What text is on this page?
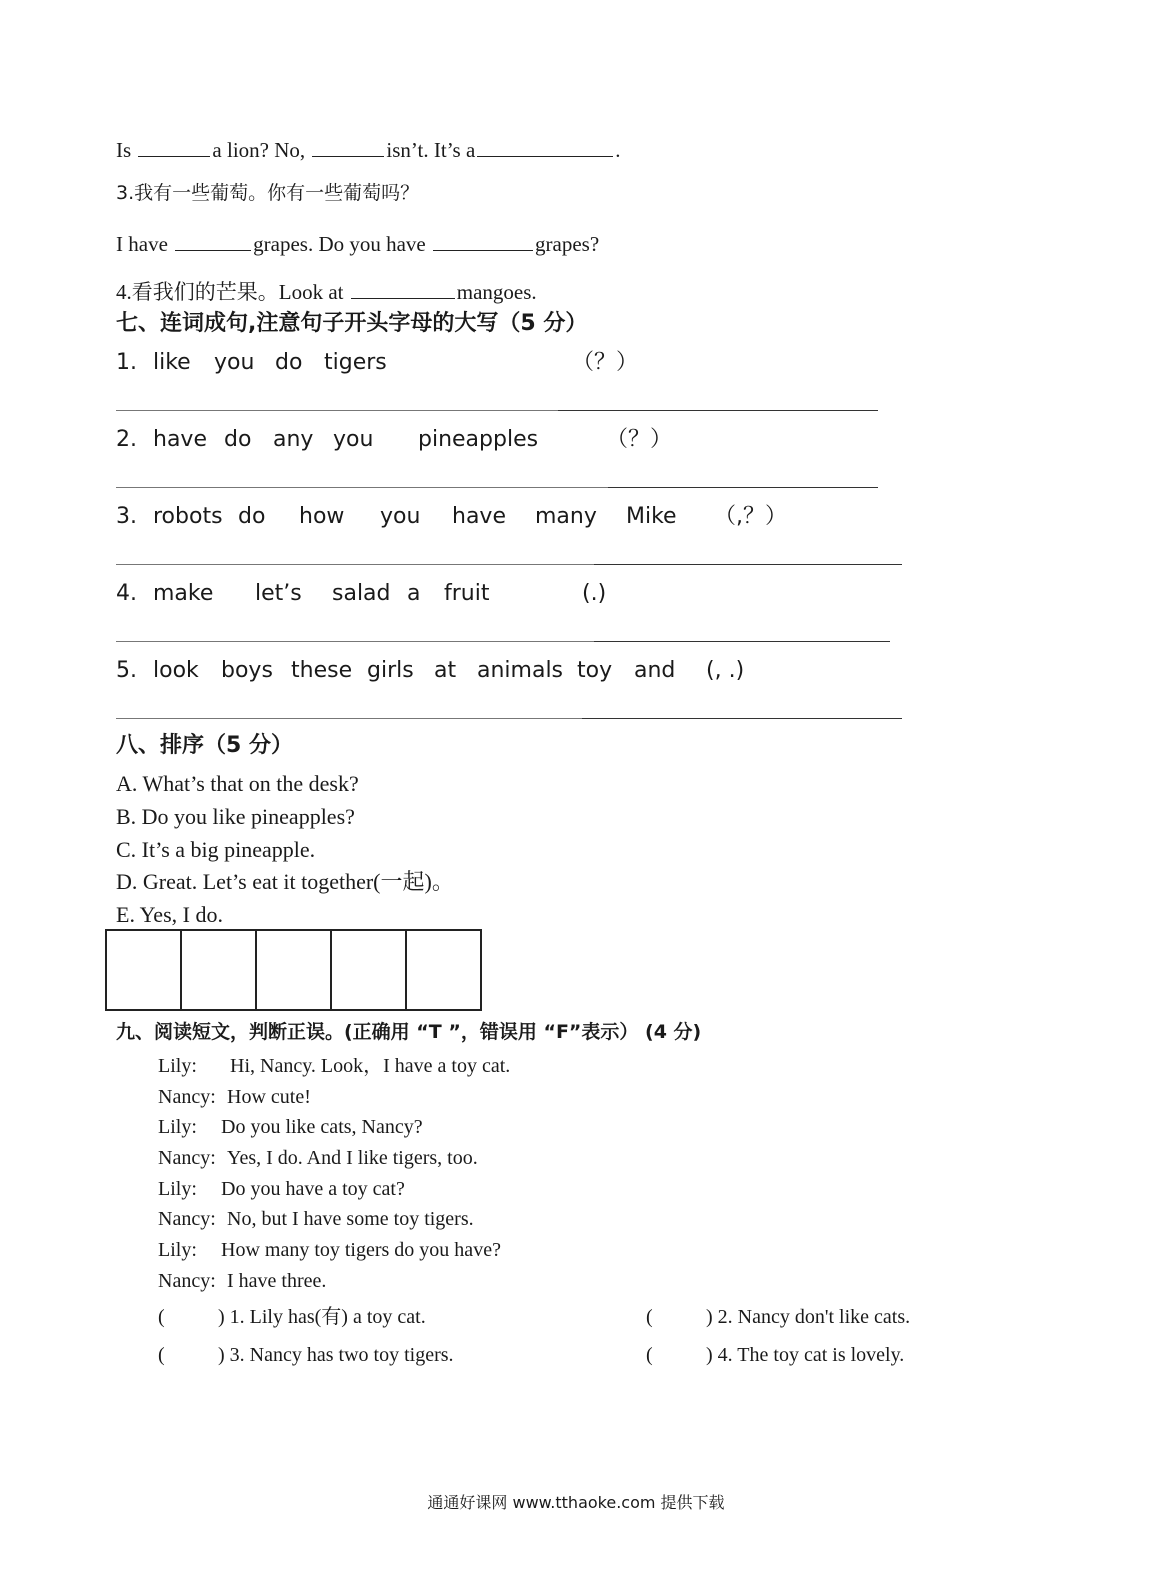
Is	a lion? No,	isn’t. It’s a	.
3.我有一些葡萄。你有一些葡萄吗？
I have	grapes. Do you have	grapes?
4.看我们的芒果。Look at	mangoes.
七、连词成句,注意句子开头字母的大写（5 分）
1. like you do tigers	（？）
2. have do any you pineapples	（？）
3. robots do how you have many Mike （,？）
4. make let’s salad a fruit	(.)
5. look boys these girls at animals toy and (, .)
八、排序（5 分）
A. What’s that on the desk?
B. Do you like pineapples?
C. It’s a big pineapple.
D. Great. Let’s eat it together(一起)。
E. Yes, I do.
九、阅读短文，判断正误。(正确用 “T ”，错误用 “F”表示） (4 分)
Lily: Hi, Nancy. Look，I have a toy cat.
Nancy: How cute!
Lily: Do you like cats, Nancy?
Nancy: Yes, I do. And I like tigers, too.
Lily: Do you have a toy cat?
Nancy: No, but I have some toy tigers.
Lily: How many toy tigers do you have?
Nancy: I have three.
(	) 1. Lily has(有) a toy cat.	(	) 2. Nancy don't like cats.
(	) 3. Nancy has two toy tigers.	(	) 4. The toy cat is lovely.
通通好课网 www.tthaoke.com 提供下载
